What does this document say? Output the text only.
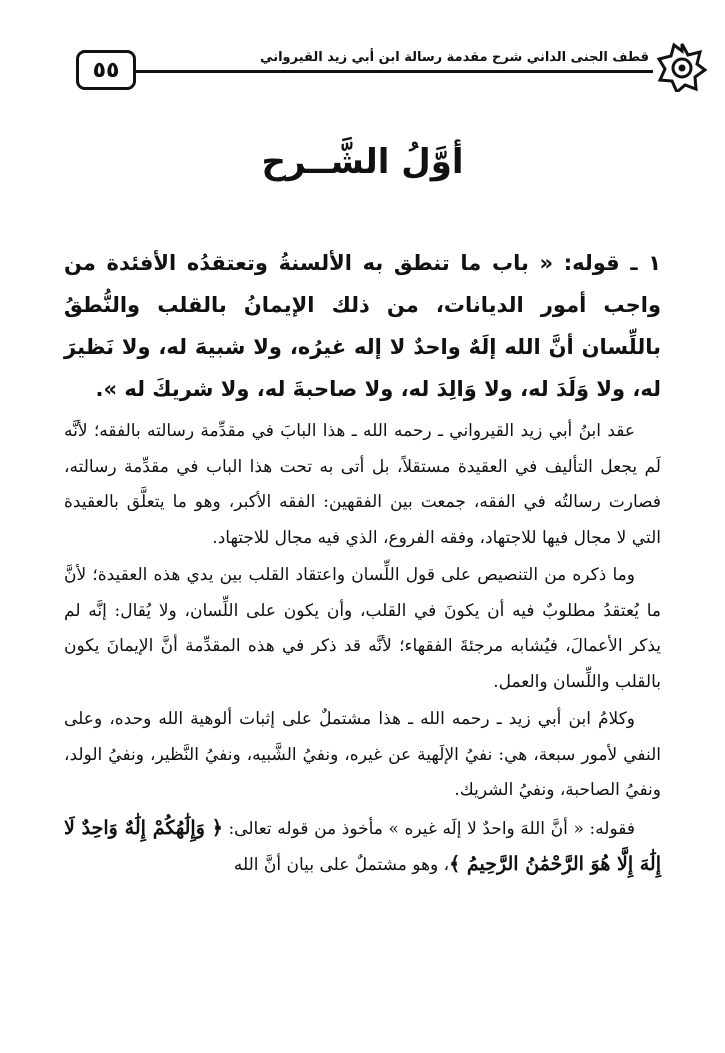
قطف الجنى الداني شرح مقدمة رسالة ابن أبي زيد القيرواني
٥٥
أوَّلُ الشَّــرح

١ ـ قوله: « باب ما تنطق به الألسنةُ وتعتقدُه الأفئدة من واجب أمور الديانات، من ذلك الإيمانُ بالقلب والنُّطقُ باللِّسان أنَّ الله إلَهٌ واحدٌ لا إله غيرُه، ولا شبيهَ له، ولا نَظيرَ له، ولا وَلَدَ له، ولا وَالِدَ له، ولا صاحبةَ له، ولا شريكَ له ».

عقد ابنُ أبي زيد القيرواني ـ رحمه الله ـ هذا البابَ في مقدِّمة رسالته بالفقه؛ لأنَّه لَم يجعل التأليف في العقيدة مستقلاً، بل أتى به تحت هذا الباب في مقدِّمة رسالته، فصارت رسالتُه في الفقه، جمعت بين الفقهين: الفقه الأكبر، وهو ما يتعلَّق بالعقيدة التي لا مجال فيها للاجتهاد، وفقه الفروع، الذي فيه مجال للاجتهاد.

وما ذكره من التنصيص على قول اللِّسان واعتقاد القلب بين يدي هذه العقيدة؛ لأنَّ ما يُعتقدُ مطلوبٌ فيه أن يكونَ في القلب، وأن يكون على اللِّسان، ولا يُقال: إنَّه لم يذكر الأعمالَ، فيُشابه مرجئةَ الفقهاء؛ لأنَّه قد ذكر في هذه المقدِّمة أنَّ الإيمانَ يكون بالقلب واللِّسان والعمل.

وكلامُ ابن أبي زيد ـ رحمه الله ـ هذا مشتملٌ على إثبات ألوهية الله وحده، وعلى النفي لأمور سبعة، هي: نفيُ الإلَهية عن غيره، ونفيُ الشَّبيه، ونفيُ النَّظير، ونفيُ الولد، ونفيُ الصاحبة، ونفيُ الشريك.

فقوله: « أنَّ اللهَ واحدٌ لا إلَه غيره » مأخوذ من قوله تعالى: ﴿ وَإِلَٰهُكُمْ إِلَٰهٌ وَاحِدٌ لَا إِلَٰهَ إِلَّا هُوَ الرَّحْمَٰنُ الرَّحِيمُ ﴾، وهو مشتملٌ على بيان أنَّ الله
